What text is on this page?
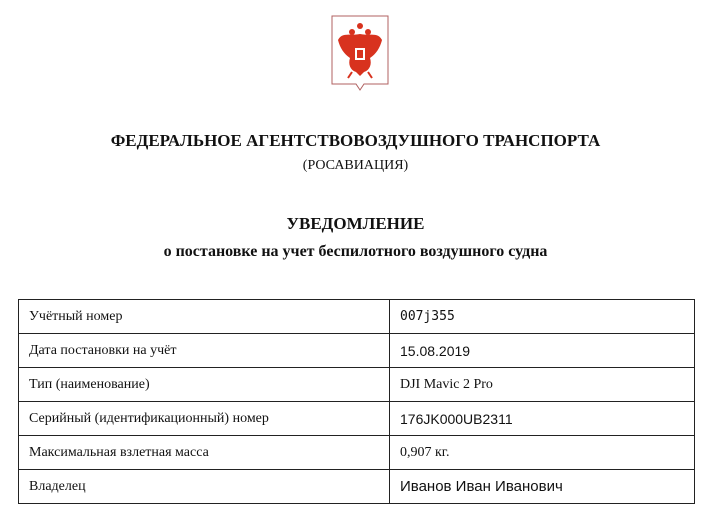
ФЕДЕРАЛЬНОЕ АГЕНТСТВОВОЗДУШНОГО ТРАНСПОРТА
(РОСАВИАЦИЯ)
УВЕДОМЛЕНИЕ
о постановке на учет беспилотного воздушного судна
Учётный номер	007j355
Дата постановки на учёт	15.08.2019
Тип (наименование)	DJI Mavic 2 Pro
Серийный (идентификационный) номер	176JK000UB2311
Максимальная взлетная масса	0,907 кг.
Владелец	Иванов Иван Иванович
